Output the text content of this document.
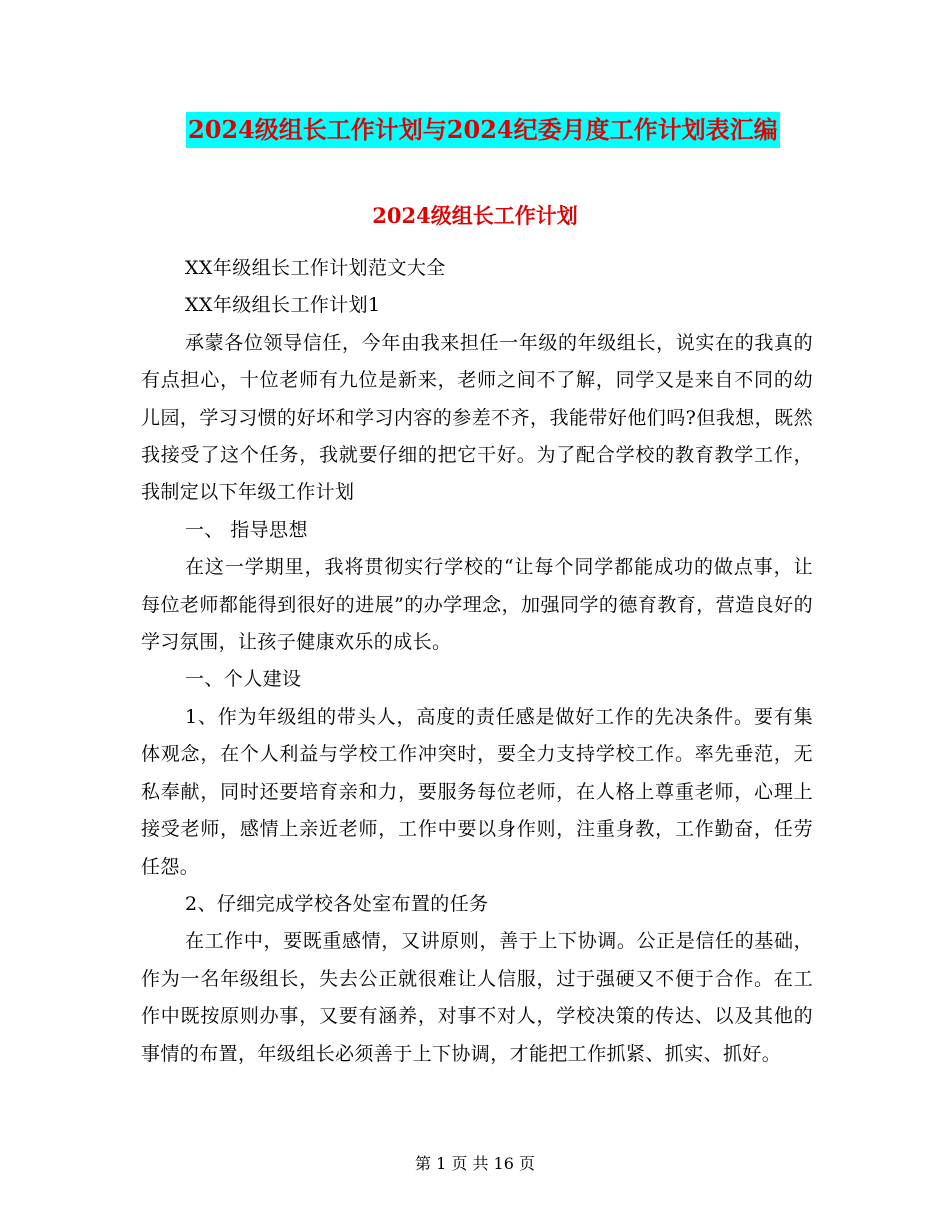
2024级组长工作计划与2024纪委月度工作计划表汇编
2024级组长工作计划

XX年级组长工作计划范文大全

XX年级组长工作计划1

承蒙各位领导信任，今年由我来担任一年级的年级组长，说实在的我真的有点担心，十位老师有九位是新来，老师之间不了解，同学又是来自不同的幼儿园，学习习惯的好坏和学习内容的参差不齐，我能带好他们吗?但我想，既然我接受了这个任务，我就要仔细的把它干好。为了配合学校的教育教学工作，我制定以下年级工作计划

一、 指导思想

在这一学期里，我将贯彻实行学校的“让每个同学都能成功的做点事，让每位老师都能得到很好的进展”的办学理念，加强同学的德育教育，营造良好的学习氛围，让孩子健康欢乐的成长。

一、个人建设

1、作为年级组的带头人，高度的责任感是做好工作的先决条件。要有集体观念，在个人利益与学校工作冲突时，要全力支持学校工作。率先垂范，无私奉献，同时还要培育亲和力，要服务每位老师，在人格上尊重老师，心理上接受老师，感情上亲近老师，工作中要以身作则，注重身教，工作勤奋，任劳任怨。

2、仔细完成学校各处室布置的任务

在工作中，要既重感情，又讲原则，善于上下协调。公正是信任的基础，作为一名年级组长，失去公正就很难让人信服，过于强硬又不便于合作。在工作中既按原则办事，又要有涵养，对事不对人，学校决策的传达、以及其他的事情的布置，年级组长必须善于上下协调，才能把工作抓紧、抓实、抓好。

第 1 页 共 16 页
